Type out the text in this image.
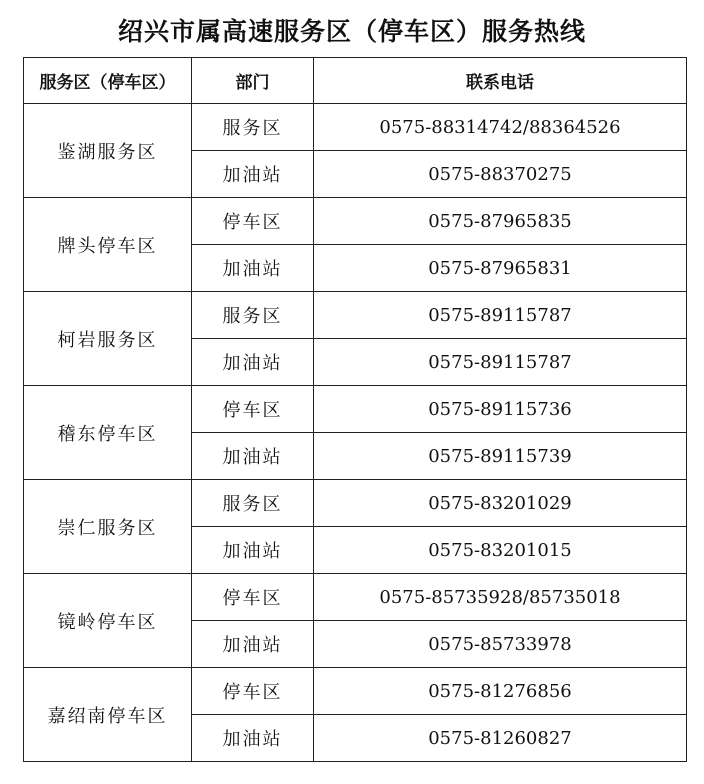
绍兴市属高速服务区（停车区）服务热线
服务区（停车区）	部门	联系电话
鉴湖服务区	服务区	0575-88314742/88364526
	加油站	0575-88370275
牌头停车区	停车区	0575-87965835
	加油站	0575-87965831
柯岩服务区	服务区	0575-89115787
	加油站	0575-89115787
稽东停车区	停车区	0575-89115736
	加油站	0575-89115739
崇仁服务区	服务区	0575-83201029
	加油站	0575-83201015
镜岭停车区	停车区	0575-85735928/85735018
	加油站	0575-85733978
嘉绍南停车区	停车区	0575-81276856
	加油站	0575-81260827
